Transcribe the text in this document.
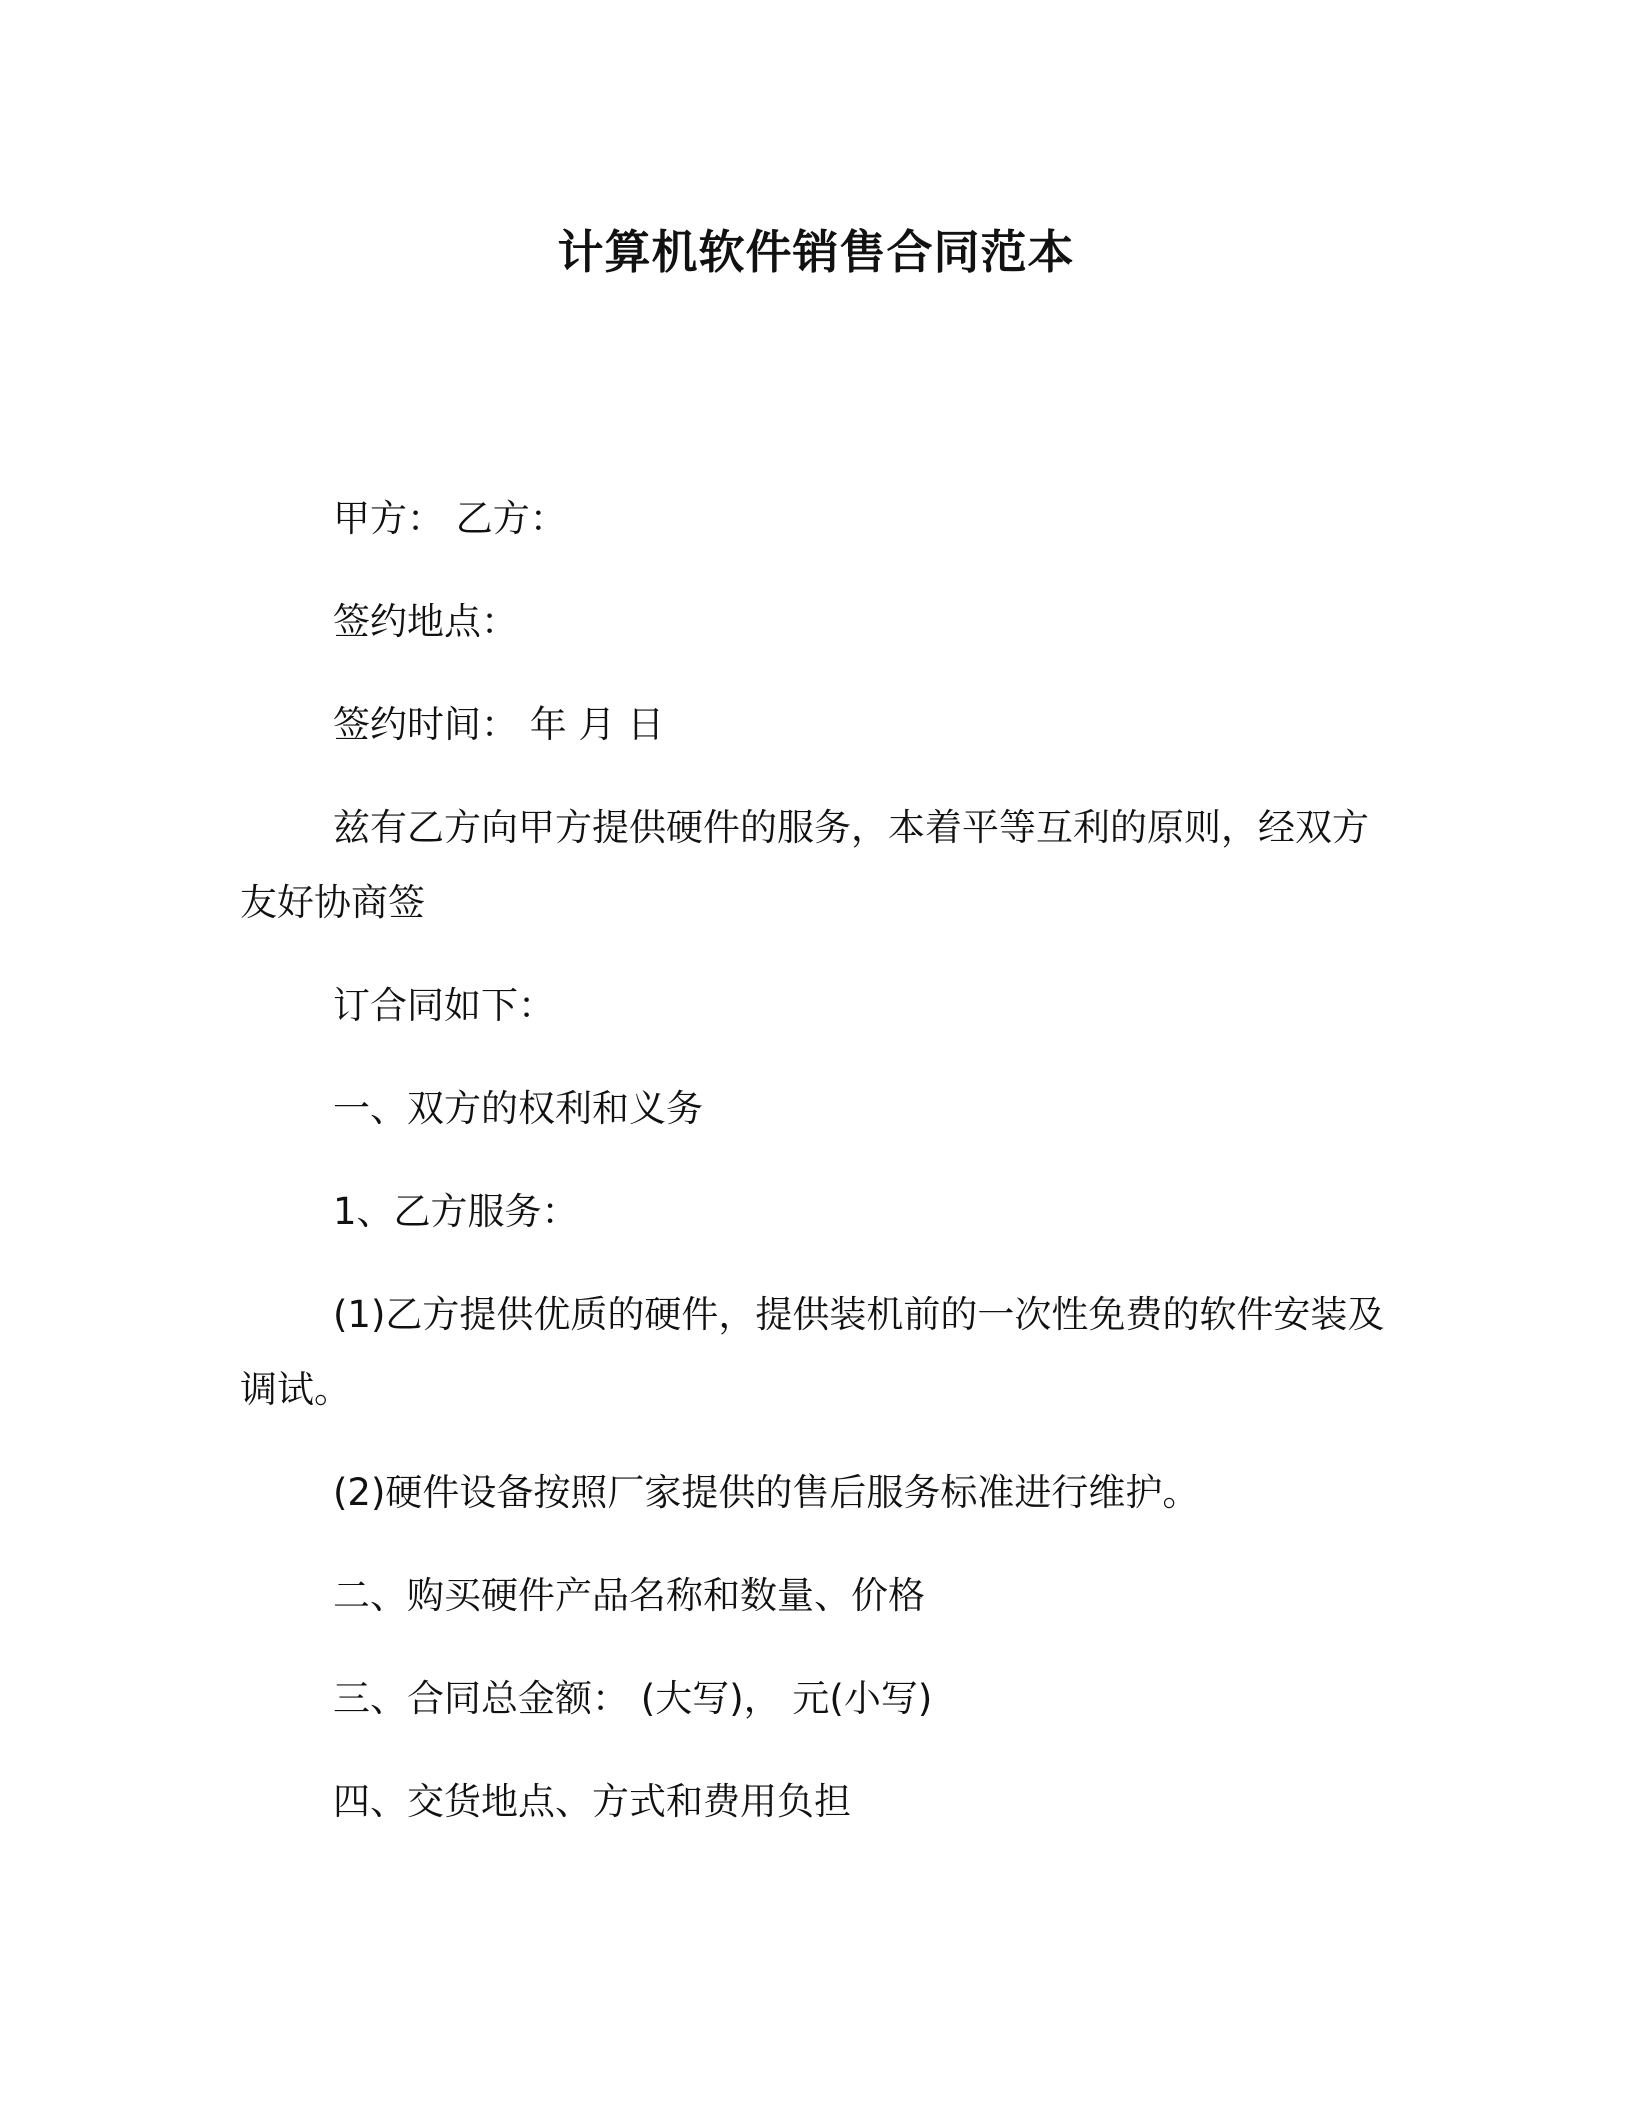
计算机软件销售合同范本
甲方： 乙方：
签约地点：
签约时间： 年 月 日
兹有乙方向甲方提供硬件的服务，本着平等互利的原则，经双方
友好协商签
订合同如下：
一、双方的权利和义务
1、乙方服务：
(1)乙方提供优质的硬件，提供装机前的一次性免费的软件安装及
调试。
(2)硬件设备按照厂家提供的售后服务标准进行维护。
二、购买硬件产品名称和数量、价格
三、合同总金额： (大写)， 元(小写)
四、交货地点、方式和费用负担
